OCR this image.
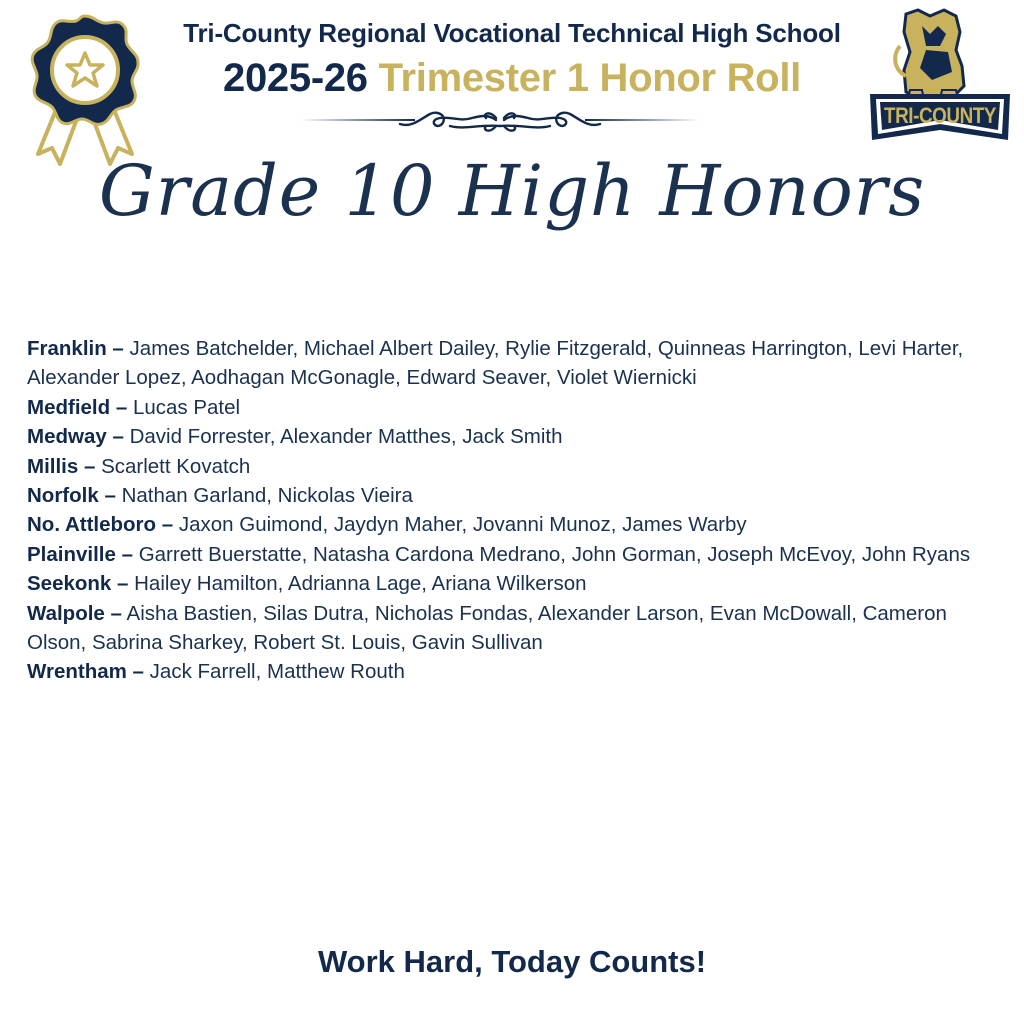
TRI-COUNTY
Tri-County Regional Vocational Technical High School
2025-26 Trimester 1 Honor Roll
Grade 10 High Honors

Franklin – James Batchelder, Michael Albert Dailey, Rylie Fitzgerald, Quinneas Harrington, Levi Harter, Alexander Lopez, Aodhagan McGonagle, Edward Seaver, Violet Wiernicki

Medfield – Lucas Patel

Medway – David Forrester, Alexander Matthes, Jack Smith

Millis – Scarlett Kovatch

Norfolk – Nathan Garland, Nickolas Vieira

No. Attleboro – Jaxon Guimond, Jaydyn Maher, Jovanni Munoz, James Warby

Plainville – Garrett Buerstatte, Natasha Cardona Medrano, John Gorman, Joseph McEvoy, John Ryans

Seekonk – Hailey Hamilton, Adrianna Lage, Ariana Wilkerson

Walpole – Aisha Bastien, Silas Dutra, Nicholas Fondas, Alexander Larson, Evan McDowall, Cameron Olson, Sabrina Sharkey, Robert St. Louis, Gavin Sullivan

Wrentham – Jack Farrell, Matthew Routh

Work Hard, Today Counts!
